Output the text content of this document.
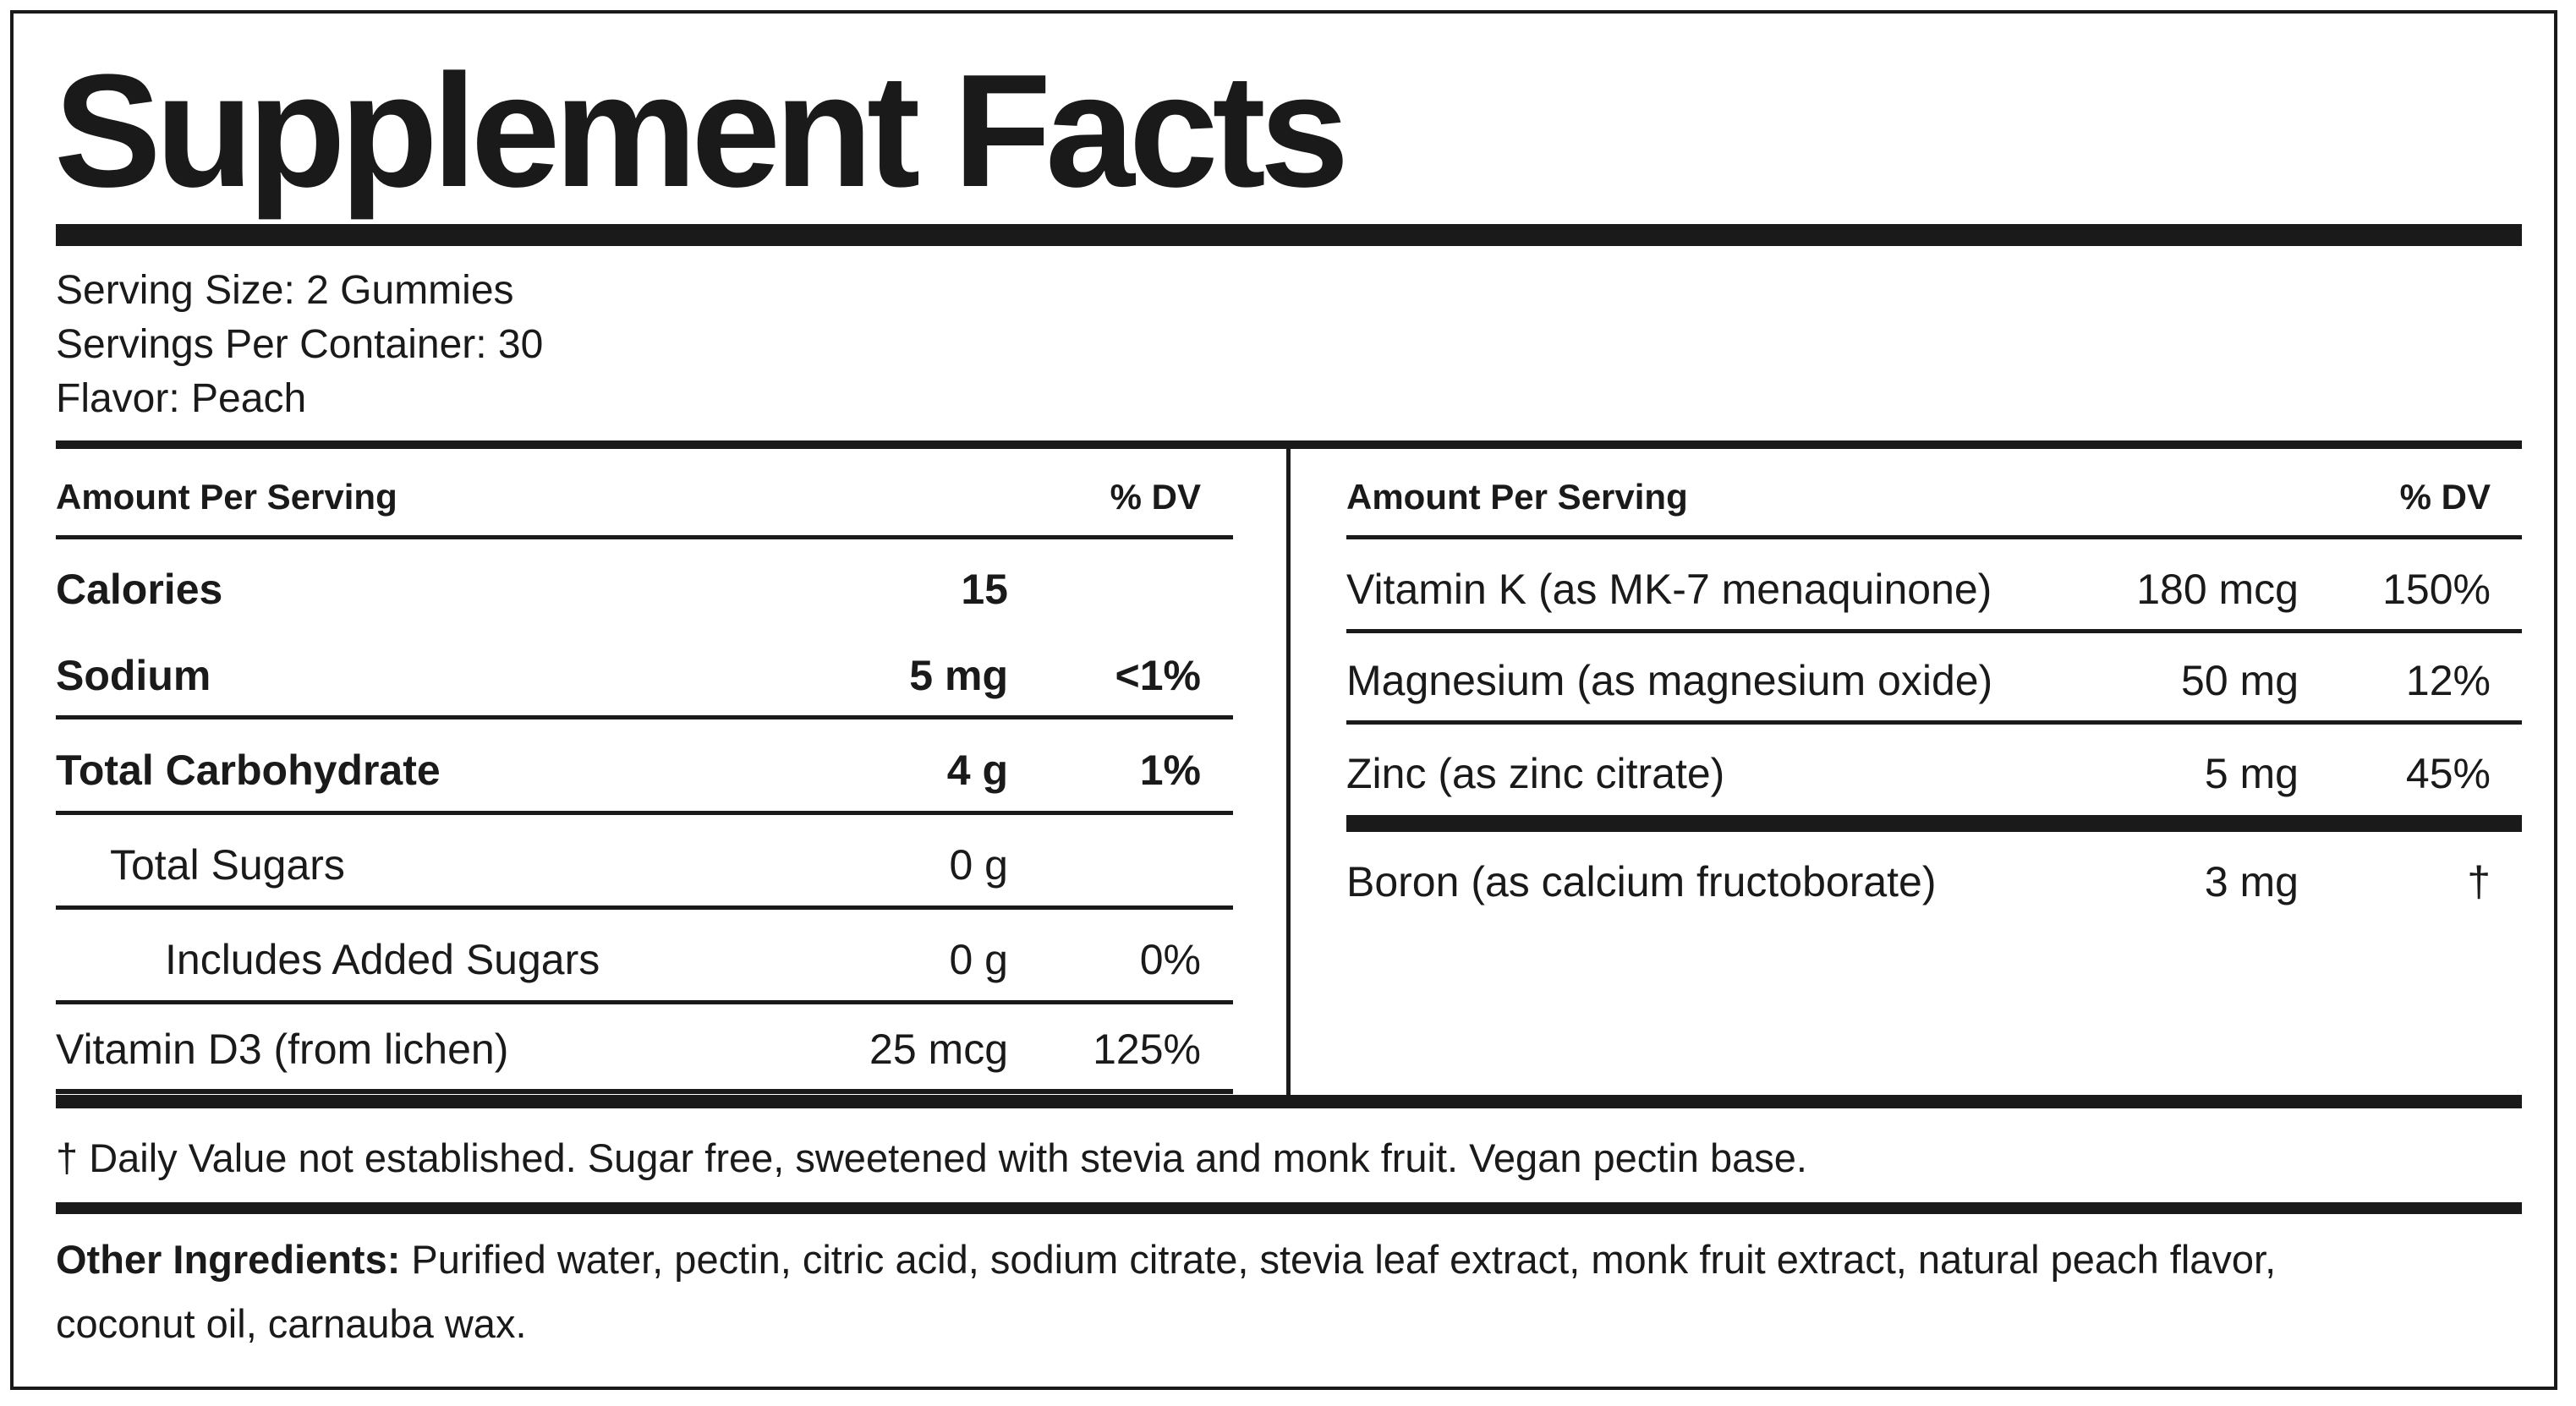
Supplement Facts
Serving Size: 2 Gummies
Servings Per Container: 30
Flavor: Peach
Amount Per Serving	% DV
Calories	15
Sodium	5 mg	<1%
Total Carbohydrate	4 g	1%
Total Sugars	0 g
Includes Added Sugars	0 g	0%
Vitamin D3 (from lichen)	25 mcg	125%
Amount Per Serving	% DV
Vitamin K (as MK-7 menaquinone)	180 mcg	150%
Magnesium (as magnesium oxide)	50 mg	12%
Zinc (as zinc citrate)	5 mg	45%
Boron (as calcium fructoborate)	3 mg	†
† Daily Value not established. Sugar free, sweetened with stevia and monk fruit. Vegan pectin base.
Other Ingredients: Purified water, pectin, citric acid, sodium citrate, stevia leaf extract, monk fruit extract, natural peach flavor,
coconut oil, carnauba wax.
